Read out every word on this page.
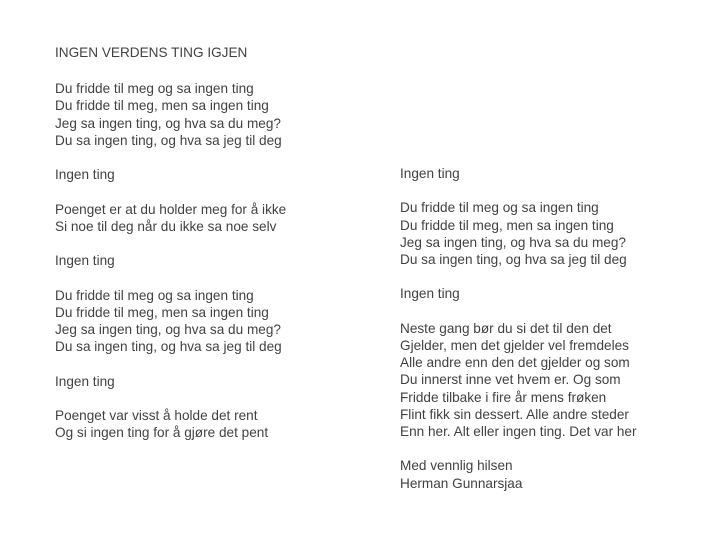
INGEN VERDENS TING IGJEN
Du fridde til meg og sa ingen ting
Du fridde til meg, men sa ingen ting
Jeg sa ingen ting, og hva sa du meg?
Du sa ingen ting, og hva sa jeg til deg
Ingen ting
Poenget er at du holder meg for å ikke
Si noe til deg når du ikke sa noe selv
Ingen ting
Du fridde til meg og sa ingen ting
Du fridde til meg, men sa ingen ting
Jeg sa ingen ting, og hva sa du meg?
Du sa ingen ting, og hva sa jeg til deg
Ingen ting
Poenget var visst å holde det rent
Og si ingen ting for å gjøre det pent
Ingen ting
Du fridde til meg og sa ingen ting
Du fridde til meg, men sa ingen ting
Jeg sa ingen ting, og hva sa du meg?
Du sa ingen ting, og hva sa jeg til deg
Ingen ting
Neste gang bør du si det til den det
Gjelder, men det gjelder vel fremdeles
Alle andre enn den det gjelder og som
Du innerst inne vet hvem er. Og som
Fridde tilbake i fire år mens frøken
Flint fikk sin dessert. Alle andre steder
Enn her. Alt eller ingen ting. Det var her
Med vennlig hilsen
Herman Gunnarsjaa
